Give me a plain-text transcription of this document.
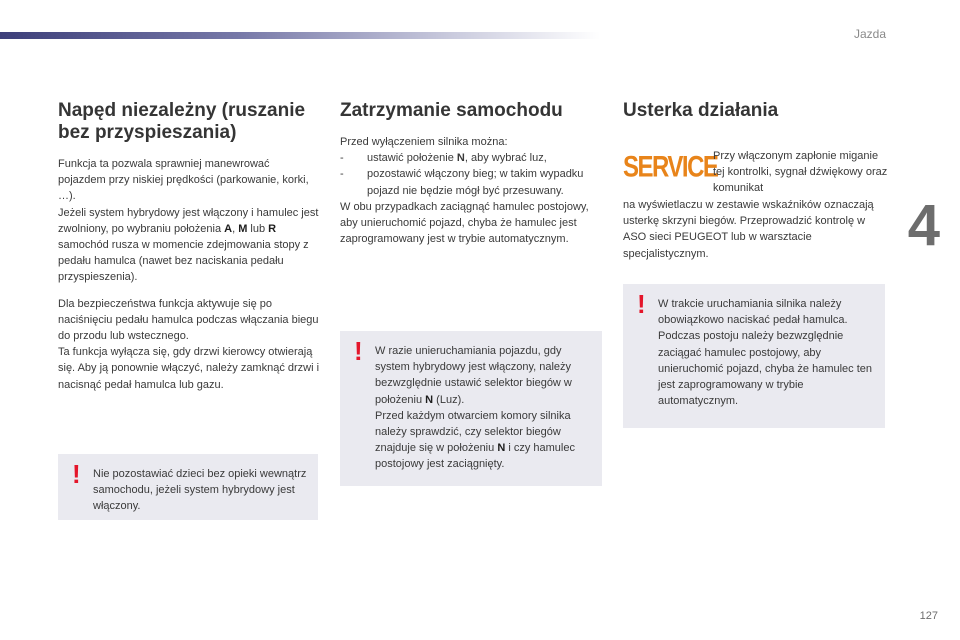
Jazda
4
127
Napęd niezależny (ruszanie
bez przyspieszania)

Funkcja ta pozwala sprawniej manewrować pojazdem przy niskiej prędkości (parkowanie, korki, …).
Jeżeli system hybrydowy jest włączony i hamulec jest zwolniony, po wybraniu położenia A, M lub R samochód rusza w momencie zdejmowania stopy z pedału hamulca (nawet bez naciskania pedału przyspieszenia).

Dla bezpieczeństwa funkcja aktywuje się po naciśnięciu pedału hamulca podczas włączania biegu do przodu lub wstecznego.
Ta funkcja wyłącza się, gdy drzwi kierowcy otwierają się. Aby ją ponownie włączyć, należy zamknąć drzwi i nacisnąć pedał hamulca lub gazu.

! Nie pozostawiać dzieci bez opieki wewnątrz samochodu, jeżeli system hybrydowy jest włączony.

Zatrzymanie samochodu

Przed wyłączeniem silnika można:

- ustawić położenie N, aby wybrać luz,
- pozostawić włączony bieg; w takim wypadku pojazd nie będzie mógł być przesuwany.

W obu przypadkach zaciągnąć hamulec postojowy, aby unieruchomić pojazd, chyba że hamulec jest zaprogramowany jest w trybie automatycznym.

! W razie unieruchamiania pojazdu, gdy system hybrydowy jest włączony, należy bezwzględnie ustawić selektor biegów w położeniu N (Luz).
Przed każdym otwarciem komory silnika należy sprawdzić, czy selektor biegów znajduje się w położeniu N i czy hamulec postojowy jest zaciągnięty.

Usterka działania
SERVICE

Przy włączonym zapłonie miganie tej kontrolki, sygnał dźwiękowy oraz komunikat

na wyświetlaczu w zestawie wskaźników oznaczają usterkę skrzyni biegów. Przeprowadzić kontrolę w ASO sieci PEUGEOT lub w warsztacie specjalistycznym.

! W trakcie uruchamiania silnika należy obowiązkowo naciskać pedał hamulca. Podczas postoju należy bezwzględnie zaciągać hamulec postojowy, aby unieruchomić pojazd, chyba że hamulec ten jest zaprogramowany w trybie automatycznym.
